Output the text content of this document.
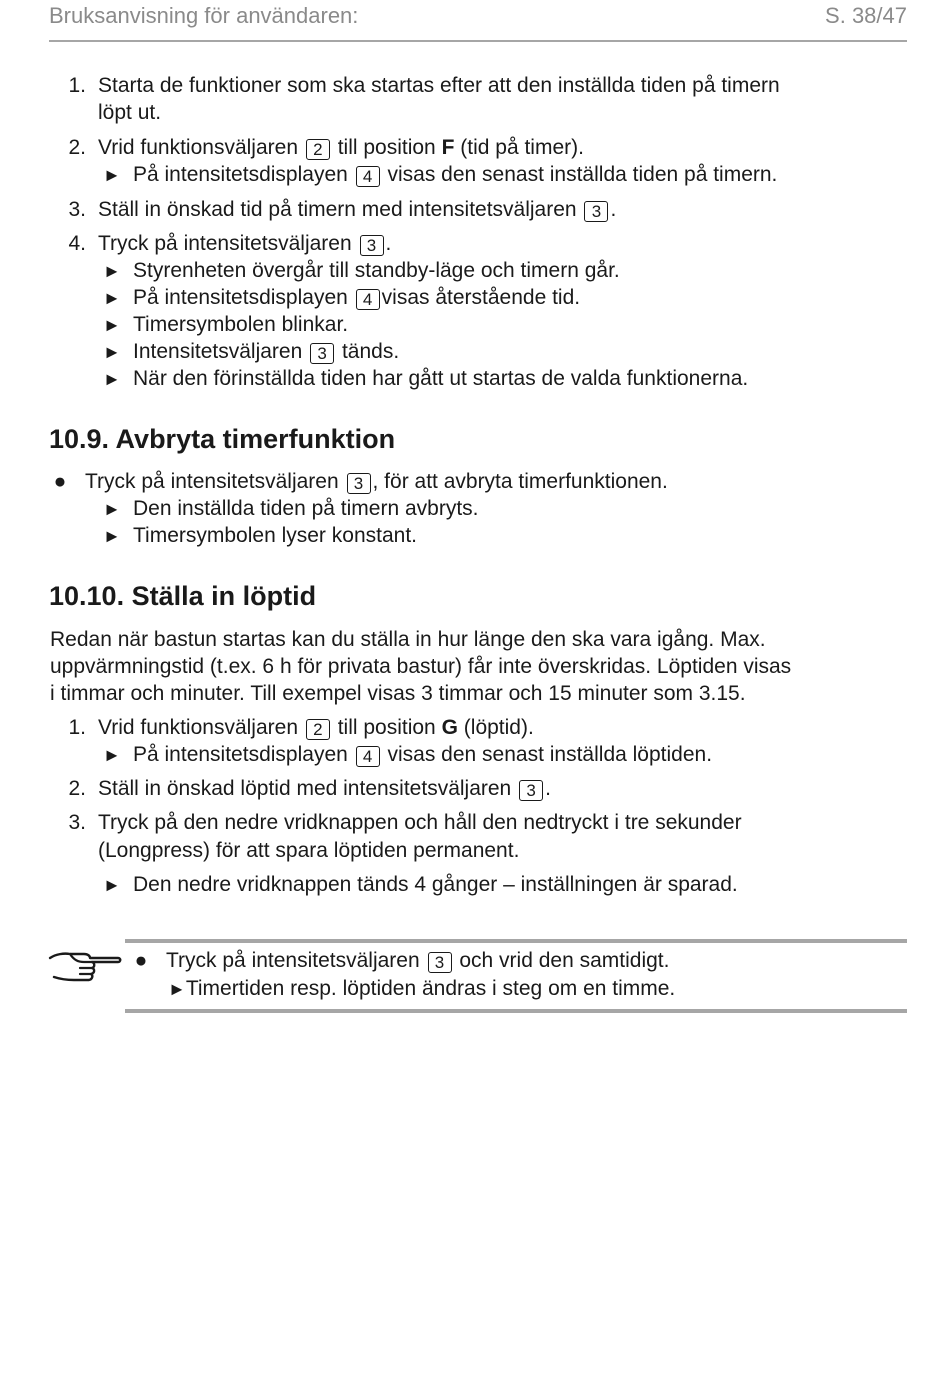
Bruksanvisning för användaren:	S. 38/47
1. Starta de funktioner som ska startas efter att den inställda tiden på timern
löpt ut.
2. Vrid funktionsväljaren 2 till position F (tid på timer).
► På intensitetsdisplayen 4 visas den senast inställda tiden på timern.
3. Ställ in önskad tid på timern med intensitetsväljaren 3 .
4. Tryck på intensitetsväljaren 3 .
► Styrenheten övergår till standby-läge och timern går.
► På intensitetsdisplayen 4 visas återstående tid.
► Timersymbolen blinkar.
► Intensitetsväljaren 3 tänds.
► När den förinställda tiden har gått ut startas de valda funktionerna.
10.9. Avbryta timerfunktion
● Tryck på intensitetsväljaren 3 , för att avbryta timerfunktionen.
► Den inställda tiden på timern avbryts.
► Timersymbolen lyser konstant.
10.10. Ställa in löptid
Redan när bastun startas kan du ställa in hur länge den ska vara igång. Max.
uppvärmningstid (t.ex. 6 h för privata bastur) får inte överskridas. Löptiden visas
i timmar och minuter. Till exempel visas 3 timmar och 15 minuter som 3.15.
1. Vrid funktionsväljaren 2 till position G (löptid).
► På intensitetsdisplayen 4 visas den senast inställda löptiden.
2. Ställ in önskad löptid med intensitetsväljaren 3 .
3. Tryck på den nedre vridknappen och håll den nedtryckt i tre sekunder
(Longpress) för att spara löptiden permanent.
► Den nedre vridknappen tänds 4 gånger – inställningen är sparad.
● Tryck på intensitetsväljaren 3 och vrid den samtidigt.
►Timertiden resp. löptiden ändras i steg om en timme.
